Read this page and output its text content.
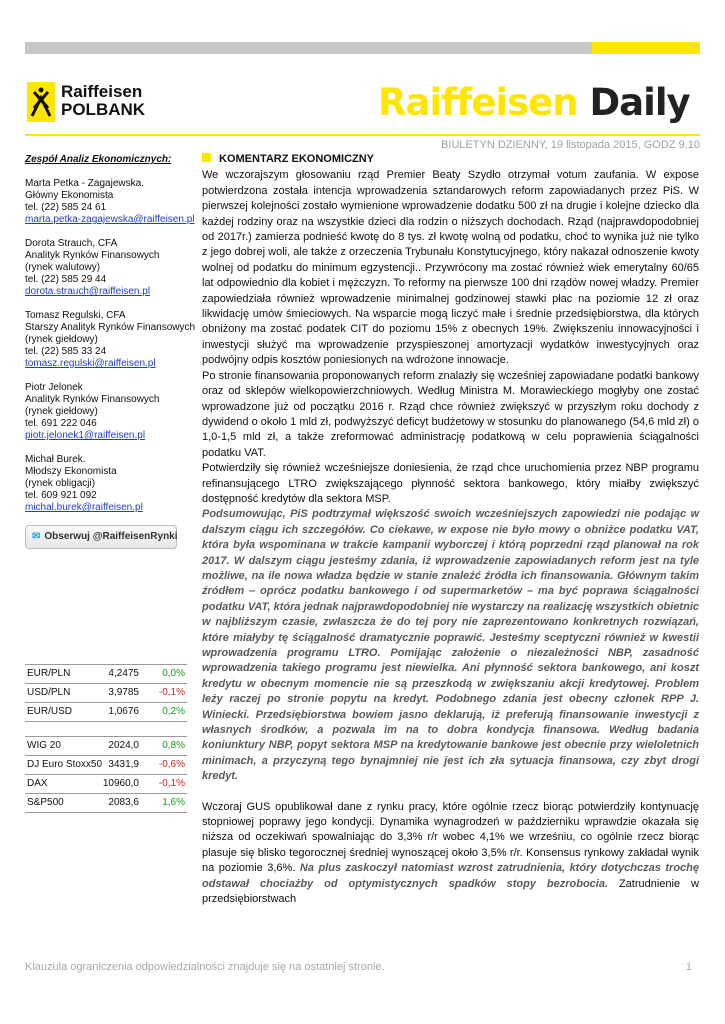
Raiffeisen
POLBANK	Raiffeisen Daily
BIULETYN DZIENNY, 19 listopada 2015, GODZ 9.10
Zespół Analiz Ekonomicznych:
Marta Petka - Zagajewska.
Główny Ekonomista
tel. (22) 585 24 61
marta.petka-zagajewska@raiffeisen.pl
Dorota Strauch, CFA
Analityk Rynków Finansowych
(rynek walutowy)
tel. (22) 585 29 44
dorota.strauch@raiffeisen.pl
Tomasz Regulski, CFA
Starszy Analityk Rynków Finansowych
(rynek giełdowy)
tel. (22) 585 33 24
tomasz.regulski@raiffeisen.pl
Piotr Jelonek
Analityk Rynków Finansowych
(rynek giełdowy)
tel. 691 222 046
piotr.jelonek1@raiffeisen.pl
Michał Burek.
Młodszy Ekonomista
(rynek obligacji)
tel. 609 921 092
michal.burek@raiffeisen.pl
✉ Obserwuj @RaiffeisenRynki
EUR/PLN	4,2475 0,0%
USD/PLN	3,9785 -0,1%
EUR/USD	1,0676 0,2%
WIG 20	2024,0 0,8%
DJ Euro Stoxx50 3431,9 -0,6%
DAX	10960,0 -0,1%
S&P500	2083,6 1,6%
KOMENTARZ EKONOMICZNY

We wczorajszym głosowaniu rząd Premier Beaty Szydło otrzymał votum zaufania. W expose potwierdzona została intencja wprowadzenia sztandarowych reform zapowiadanych przez PiS. W pierwszej kolejności zostało wymienione wprowadzenie dodatku 500 zł na drugie i kolejne dziecko dla każdej rodziny oraz na wszystkie dzieci dla rodzin o niższych dochodach. Rząd (najprawdopodobniej od 2017r.) zamierza podnieść kwotę do 8 tys. zł kwotę wolną od podatku, choć to wynika już nie tylko z jego dobrej woli, ale także z orzeczenia Trybunału Konstytucyjnego, który nakazał odnoszenie kwoty wolnej od podatku do minimum egzystencji.. Przywrócony ma zostać również wiek emerytalny 60/65 lat odpowiednio dla kobiet i mężczyzn. To reformy na pierwsze 100 dni rządów nowej władzy. Premier zapowiedziała również wprowadzenie minimalnej godzinowej stawki płac na poziomie 12 zł oraz likwidację umów śmieciowych. Na wsparcie mogą liczyć małe i średnie przedsiębiorstwa, dla których obniżony ma zostać podatek CIT do poziomu 15% z obecnych 19%. Zwiększeniu innowacyjności i inwestycji służyć ma wprowadzenie przyspieszonej amortyzacji wydatków inwestycyjnych oraz podwójny odpis kosztów poniesionych na wdrożone innowacje.

Po stronie finansowania proponowanych reform znalazły się wcześniej zapowiadane podatki bankowy oraz od sklepów wielkopowierzchniowych. Według Ministra M. Morawieckiego mogłyby one zostać wprowadzone już od początku 2016 r. Rząd chce również zwiększyć w przyszłym roku dochody z dywidend o około 1 mld zł, podwyższyć deficyt budżetowy w stosunku do planowanego (54,6 mld zł) o 1,0-1,5 mld zł, a także zreformować administrację podatkową w celu poprawienia ściągalności podatku VAT.

Potwierdziły się również wcześniejsze doniesienia, że rząd chce uruchomienia przez NBP programu refinansującego LTRO zwiększającego płynność sektora bankowego, który miałby zwiększyć dostępność kredytów dla sektora MSP.

Podsumowując, PiS podtrzymał większość swoich wcześniejszych zapowiedzi nie podając w dalszym ciągu ich szczegółów. Co ciekawe, w expose nie było mowy o obniżce podatku VAT, która była wspominana w trakcie kampanii wyborczej i którą poprzedni rząd planował na rok 2017. W dalszym ciągu jesteśmy zdania, iż wprowadzenie zapowiadanych reform jest na tyle możliwe, na ile nowa władza będzie w stanie znaleźć źródła ich finansowania. Głównym takim źródłem – oprócz podatku bankowego i od supermarketów – ma być poprawa ściągalności podatku VAT, która jednak najprawdopodobniej nie wystarczy na realizację wszystkich obietnic w najbliższym czasie, zwłaszcza że do tej pory nie zaprezentowano konkretnych rozwiązań, które miałyby tę ściągalność dramatycznie poprawić. Jesteśmy sceptyczni również w kwestii wprowadzenia programu LTRO. Pomijając założenie o niezależności NBP, zasadność wprowadzenia takiego programu jest niewielka. Ani płynność sektora bankowego, ani koszt kredytu w obecnym momencie nie są przeszkodą w zwiększaniu akcji kredytowej. Problem leży raczej po stronie popytu na kredyt. Podobnego zdania jest obecny członek RPP J. Winiecki. Przedsiębiorstwa bowiem jasno deklarują, iż preferują finansowanie inwestycji z własnych środków, a pozwala im na to dobra kondycja finansowa. Według badania koniunktury NBP, popyt sektora MSP na kredytowanie bankowe jest obecnie przy wieloletnich minimach, a przyczyną tego bynajmniej nie jest ich zła sytuacja finansowa, czy zbyt drogi kredyt.

Wczoraj GUS opublikował dane z rynku pracy, które ogólnie rzecz biorąc potwierdziły kontynuację stopniowej poprawy jego kondycji. Dynamika wynagrodzeń w październiku wprawdzie okazała się niższa od oczekiwań spowalniając do 3,3% r/r wobec 4,1% we wrześniu, co ogólnie rzecz biorąc plasuje się blisko tegorocznej średniej wynoszącej około 3,5% r/r. Konsensus rynkowy zakładał wynik na poziomie 3,6%. Na plus zaskoczył natomiast wzrost zatrudnienia, który dotychczas trochę odstawał chociażby od optymistycznych spadków stopy bezrobocia. Zatrudnienie w przedsiębiorstwach

Klauzula ograniczenia odpowiedzialności znajduje się na ostatniej stronie.	1
